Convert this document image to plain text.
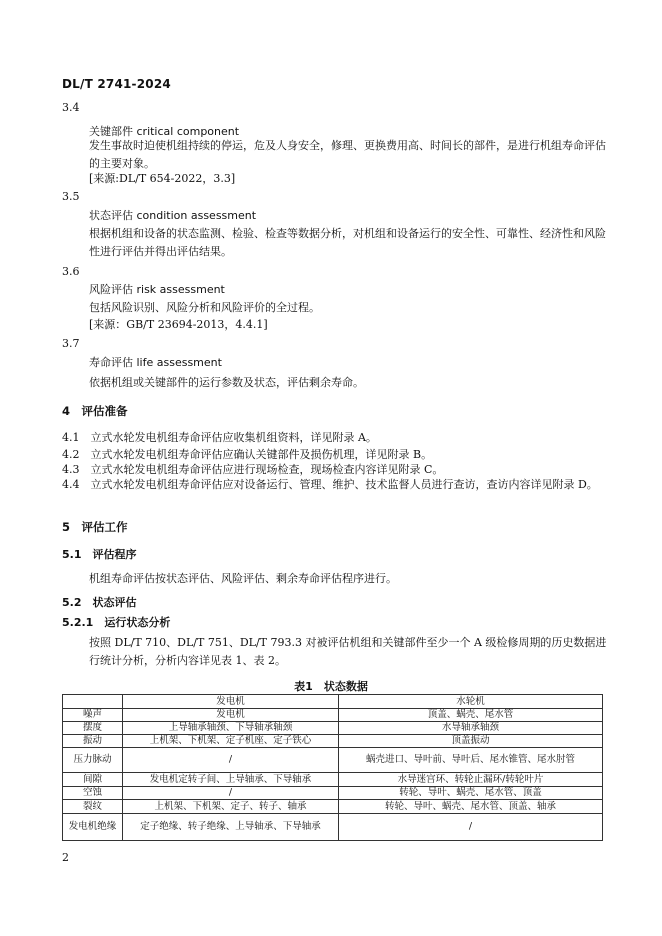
DL/T 2741-2024
3.4
关键部件 critical component
发生事故时迫使机组持续的停运，危及人身安全，修理、更换费用高、时间长的部件，是进行机组寿命评估的主要对象。
[来源:DL/T 654-2022，3.3]
3.5
状态评估 condition assessment
根据机组和设备的状态监测、检验、检查等数据分析，对机组和设备运行的安全性、可靠性、经济性和风险性进行评估并得出评估结果。
3.6
风险评估 risk assessment
包括风险识别、风险分析和风险评价的全过程。
[来源：GB/T 23694-2013，4.4.1]
3.7
寿命评估 life assessment
依据机组或关键部件的运行参数及状态，评估剩余寿命。
4　评估准备
4.1　立式水轮发电机组寿命评估应收集机组资料，详见附录 A。
4.2　立式水轮发电机组寿命评估应确认关键部件及损伤机理，详见附录 B。
4.3　立式水轮发电机组寿命评估应进行现场检查，现场检查内容详见附录 C。
4.4　立式水轮发电机组寿命评估应对设备运行、管理、维护、技术监督人员进行查访，查访内容详见附录 D。
5　评估工作
5.1　评估程序
机组寿命评估按状态评估、风险评估、剩余寿命评估程序进行。
5.2　状态评估
5.2.1　运行状态分析
按照 DL/T 710、DL/T 751、DL/T 793.3 对被评估机组和关键部件至少一个 A 级检修周期的历史数据进行统计分析，分析内容详见表 1、表 2。
表1　状态数据
	发电机	水轮机
噪声	发电机	顶盖、蜗壳、尾水管
摆度	上导轴承轴颈、下导轴承轴颈	水导轴承轴颈
振动	上机架、下机架、定子机座、定子铁心	顶盖振动
压力脉动	/	蜗壳进口、导叶前、导叶后、尾水锥管、尾水肘管
间隙	发电机定转子间、上导轴承、下导轴承	水导迷宫环、转轮止漏环/转轮叶片
空蚀	/	转轮、导叶、蜗壳、尾水管、顶盖
裂纹	上机架、下机架、定子、转子、轴承	转轮、导叶、蜗壳、尾水管、顶盖、轴承
发电机绝缘	定子绝缘、转子绝缘、上导轴承、下导轴承	/
2
